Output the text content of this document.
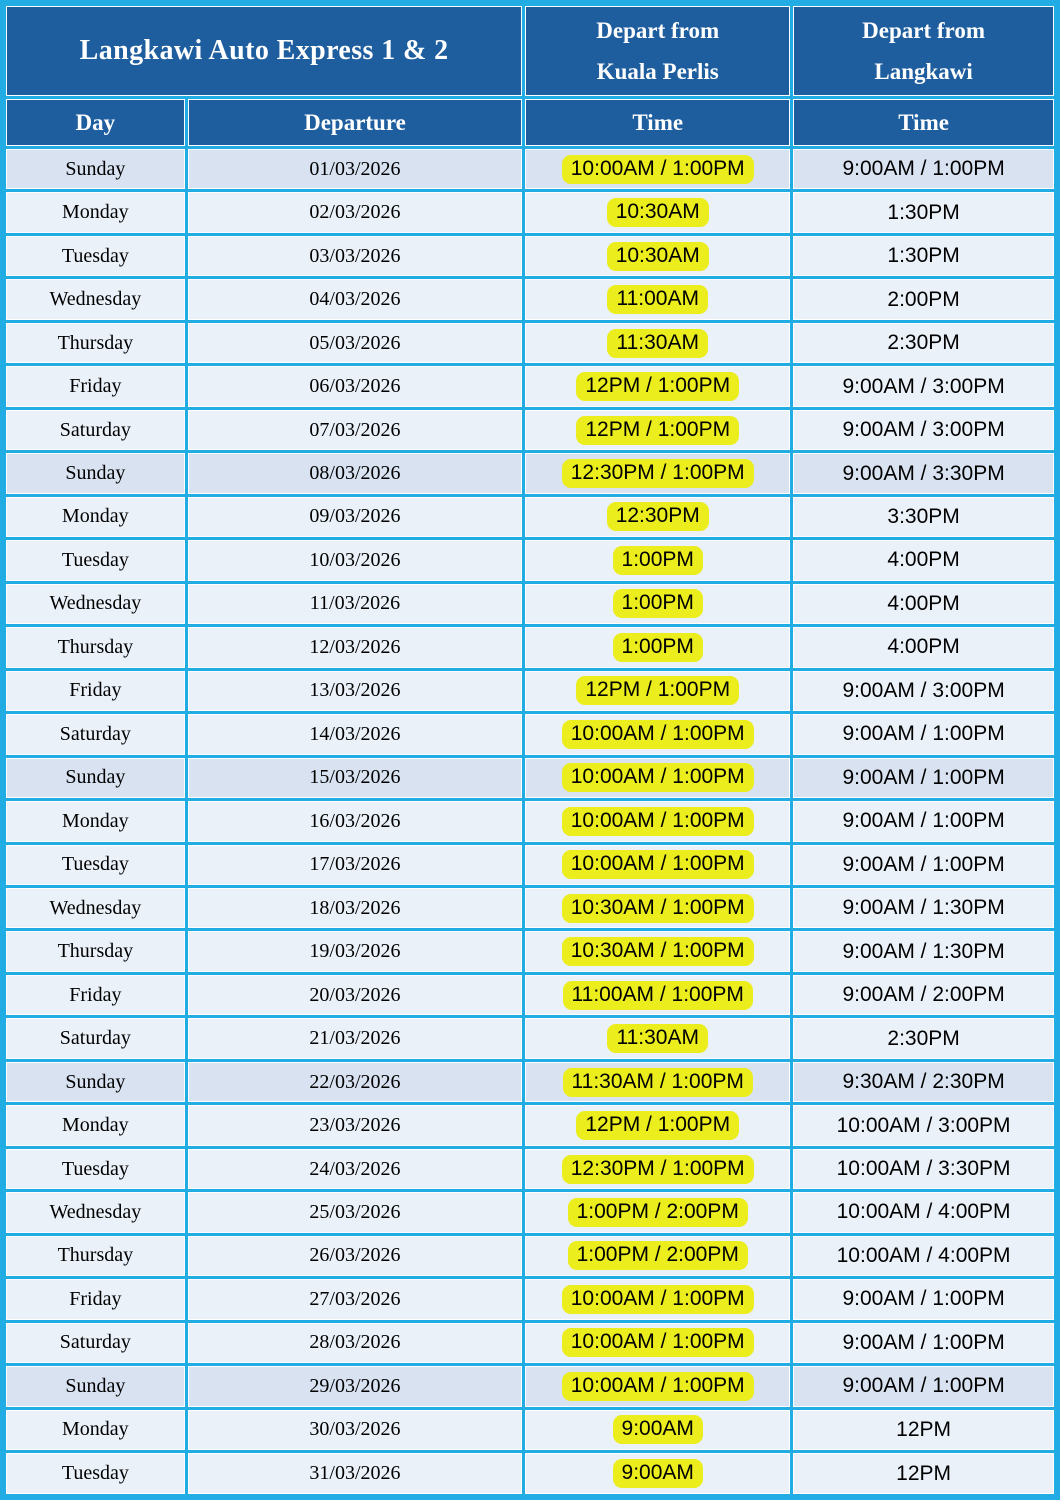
Langkawi Auto Express 1 & 2	
Depart from
Kuala Perlis

Depart from
Langkawi

Day	Departure	Time	Time
Sunday	01/03/2026	10:00AM / 1:00PM	9:00AM / 1:00PM
Monday	02/03/2026	10:30AM	1:30PM
Tuesday	03/03/2026	10:30AM	1:30PM
Wednesday	04/03/2026	11:00AM	2:00PM
Thursday	05/03/2026	11:30AM	2:30PM
Friday	06/03/2026	12PM / 1:00PM	9:00AM / 3:00PM
Saturday	07/03/2026	12PM / 1:00PM	9:00AM / 3:00PM
Sunday	08/03/2026	12:30PM / 1:00PM	9:00AM / 3:30PM
Monday	09/03/2026	12:30PM	3:30PM
Tuesday	10/03/2026	1:00PM	4:00PM
Wednesday	11/03/2026	1:00PM	4:00PM
Thursday	12/03/2026	1:00PM	4:00PM
Friday	13/03/2026	12PM / 1:00PM	9:00AM / 3:00PM
Saturday	14/03/2026	10:00AM / 1:00PM	9:00AM / 1:00PM
Sunday	15/03/2026	10:00AM / 1:00PM	9:00AM / 1:00PM
Monday	16/03/2026	10:00AM / 1:00PM	9:00AM / 1:00PM
Tuesday	17/03/2026	10:00AM / 1:00PM	9:00AM / 1:00PM
Wednesday	18/03/2026	10:30AM / 1:00PM	9:00AM / 1:30PM
Thursday	19/03/2026	10:30AM / 1:00PM	9:00AM / 1:30PM
Friday	20/03/2026	11:00AM / 1:00PM	9:00AM / 2:00PM
Saturday	21/03/2026	11:30AM	2:30PM
Sunday	22/03/2026	11:30AM / 1:00PM	9:30AM / 2:30PM
Monday	23/03/2026	12PM / 1:00PM	10:00AM / 3:00PM
Tuesday	24/03/2026	12:30PM / 1:00PM	10:00AM / 3:30PM
Wednesday	25/03/2026	1:00PM / 2:00PM	10:00AM / 4:00PM
Thursday	26/03/2026	1:00PM / 2:00PM	10:00AM / 4:00PM
Friday	27/03/2026	10:00AM / 1:00PM	9:00AM / 1:00PM
Saturday	28/03/2026	10:00AM / 1:00PM	9:00AM / 1:00PM
Sunday	29/03/2026	10:00AM / 1:00PM	9:00AM / 1:00PM
Monday	30/03/2026	9:00AM	12PM
Tuesday	31/03/2026	9:00AM	12PM
